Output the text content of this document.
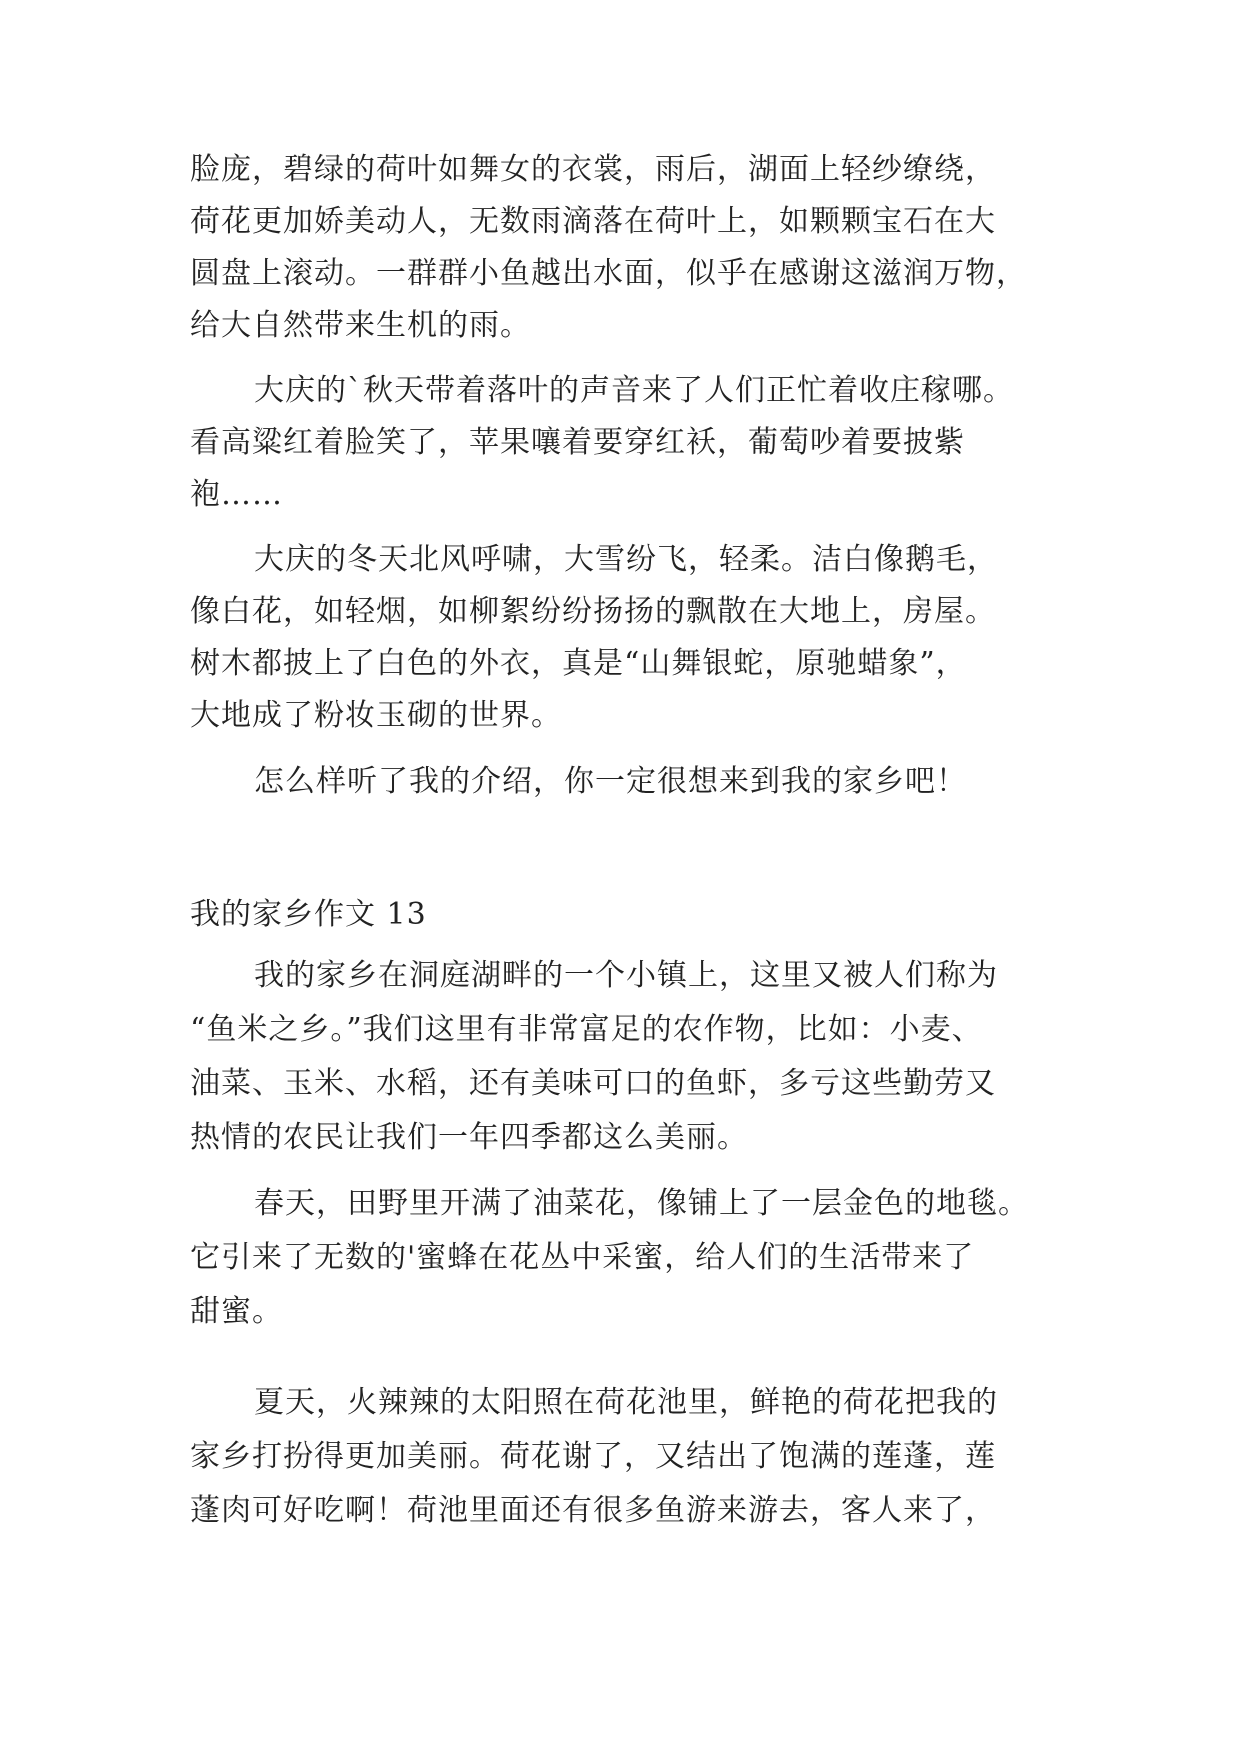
脸庞，碧绿的荷叶如舞女的衣裳，雨后，湖面上轻纱缭绕，
荷花更加娇美动人，无数雨滴落在荷叶上，如颗颗宝石在大
圆盘上滚动。一群群小鱼越出水面，似乎在感谢这滋润万物，
给大自然带来生机的雨。
大庆的`秋天带着落叶的声音来了人们正忙着收庄稼哪。
看高粱红着脸笑了，苹果嚷着要穿红袄，葡萄吵着要披紫
袍……
大庆的冬天北风呼啸，大雪纷飞，轻柔。洁白像鹅毛，
像白花，如轻烟，如柳絮纷纷扬扬的飘散在大地上，房屋。
树木都披上了白色的外衣，真是“山舞银蛇，原驰蜡象”，
大地成了粉妆玉砌的世界。
怎么样听了我的介绍，你一定很想来到我的家乡吧！
我的家乡作文 13
我的家乡在洞庭湖畔的一个小镇上，这里又被人们称为
“鱼米之乡。”我们这里有非常富足的农作物，比如：小麦、
油菜、玉米、水稻，还有美味可口的鱼虾，多亏这些勤劳又
热情的农民让我们一年四季都这么美丽。
春天，田野里开满了油菜花，像铺上了一层金色的地毯。
它引来了无数的'蜜蜂在花丛中采蜜，给人们的生活带来了
甜蜜。
夏天，火辣辣的太阳照在荷花池里，鲜艳的荷花把我的
家乡打扮得更加美丽。荷花谢了，又结出了饱满的莲蓬，莲
蓬肉可好吃啊！荷池里面还有很多鱼游来游去，客人来了，
